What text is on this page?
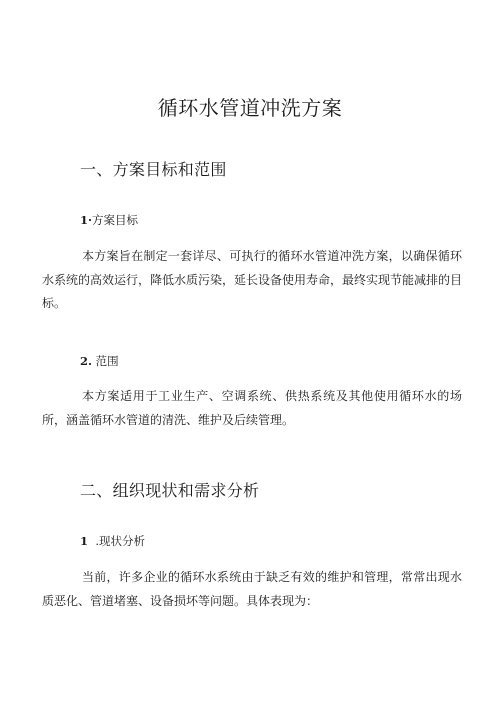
循环水管道冲洗方案
一、方案目标和范围
1·方案目标

本方案旨在制定一套详尽、可执行的循环水管道冲洗方案，以确保循环水系统的高效运行，降低水质污染，延长设备使用寿命，最终实现节能减排的目标。

2. 范围

本方案适用于工业生产、空调系统、供热系统及其他使用循环水的场所，涵盖循环水管道的清洗、维护及后续管理。

二、组织现状和需求分析
1 .现状分析

当前，许多企业的循环水系统由于缺乏有效的维护和管理，常常出现水质恶化、管道堵塞、设备损坏等问题。具体表现为：
